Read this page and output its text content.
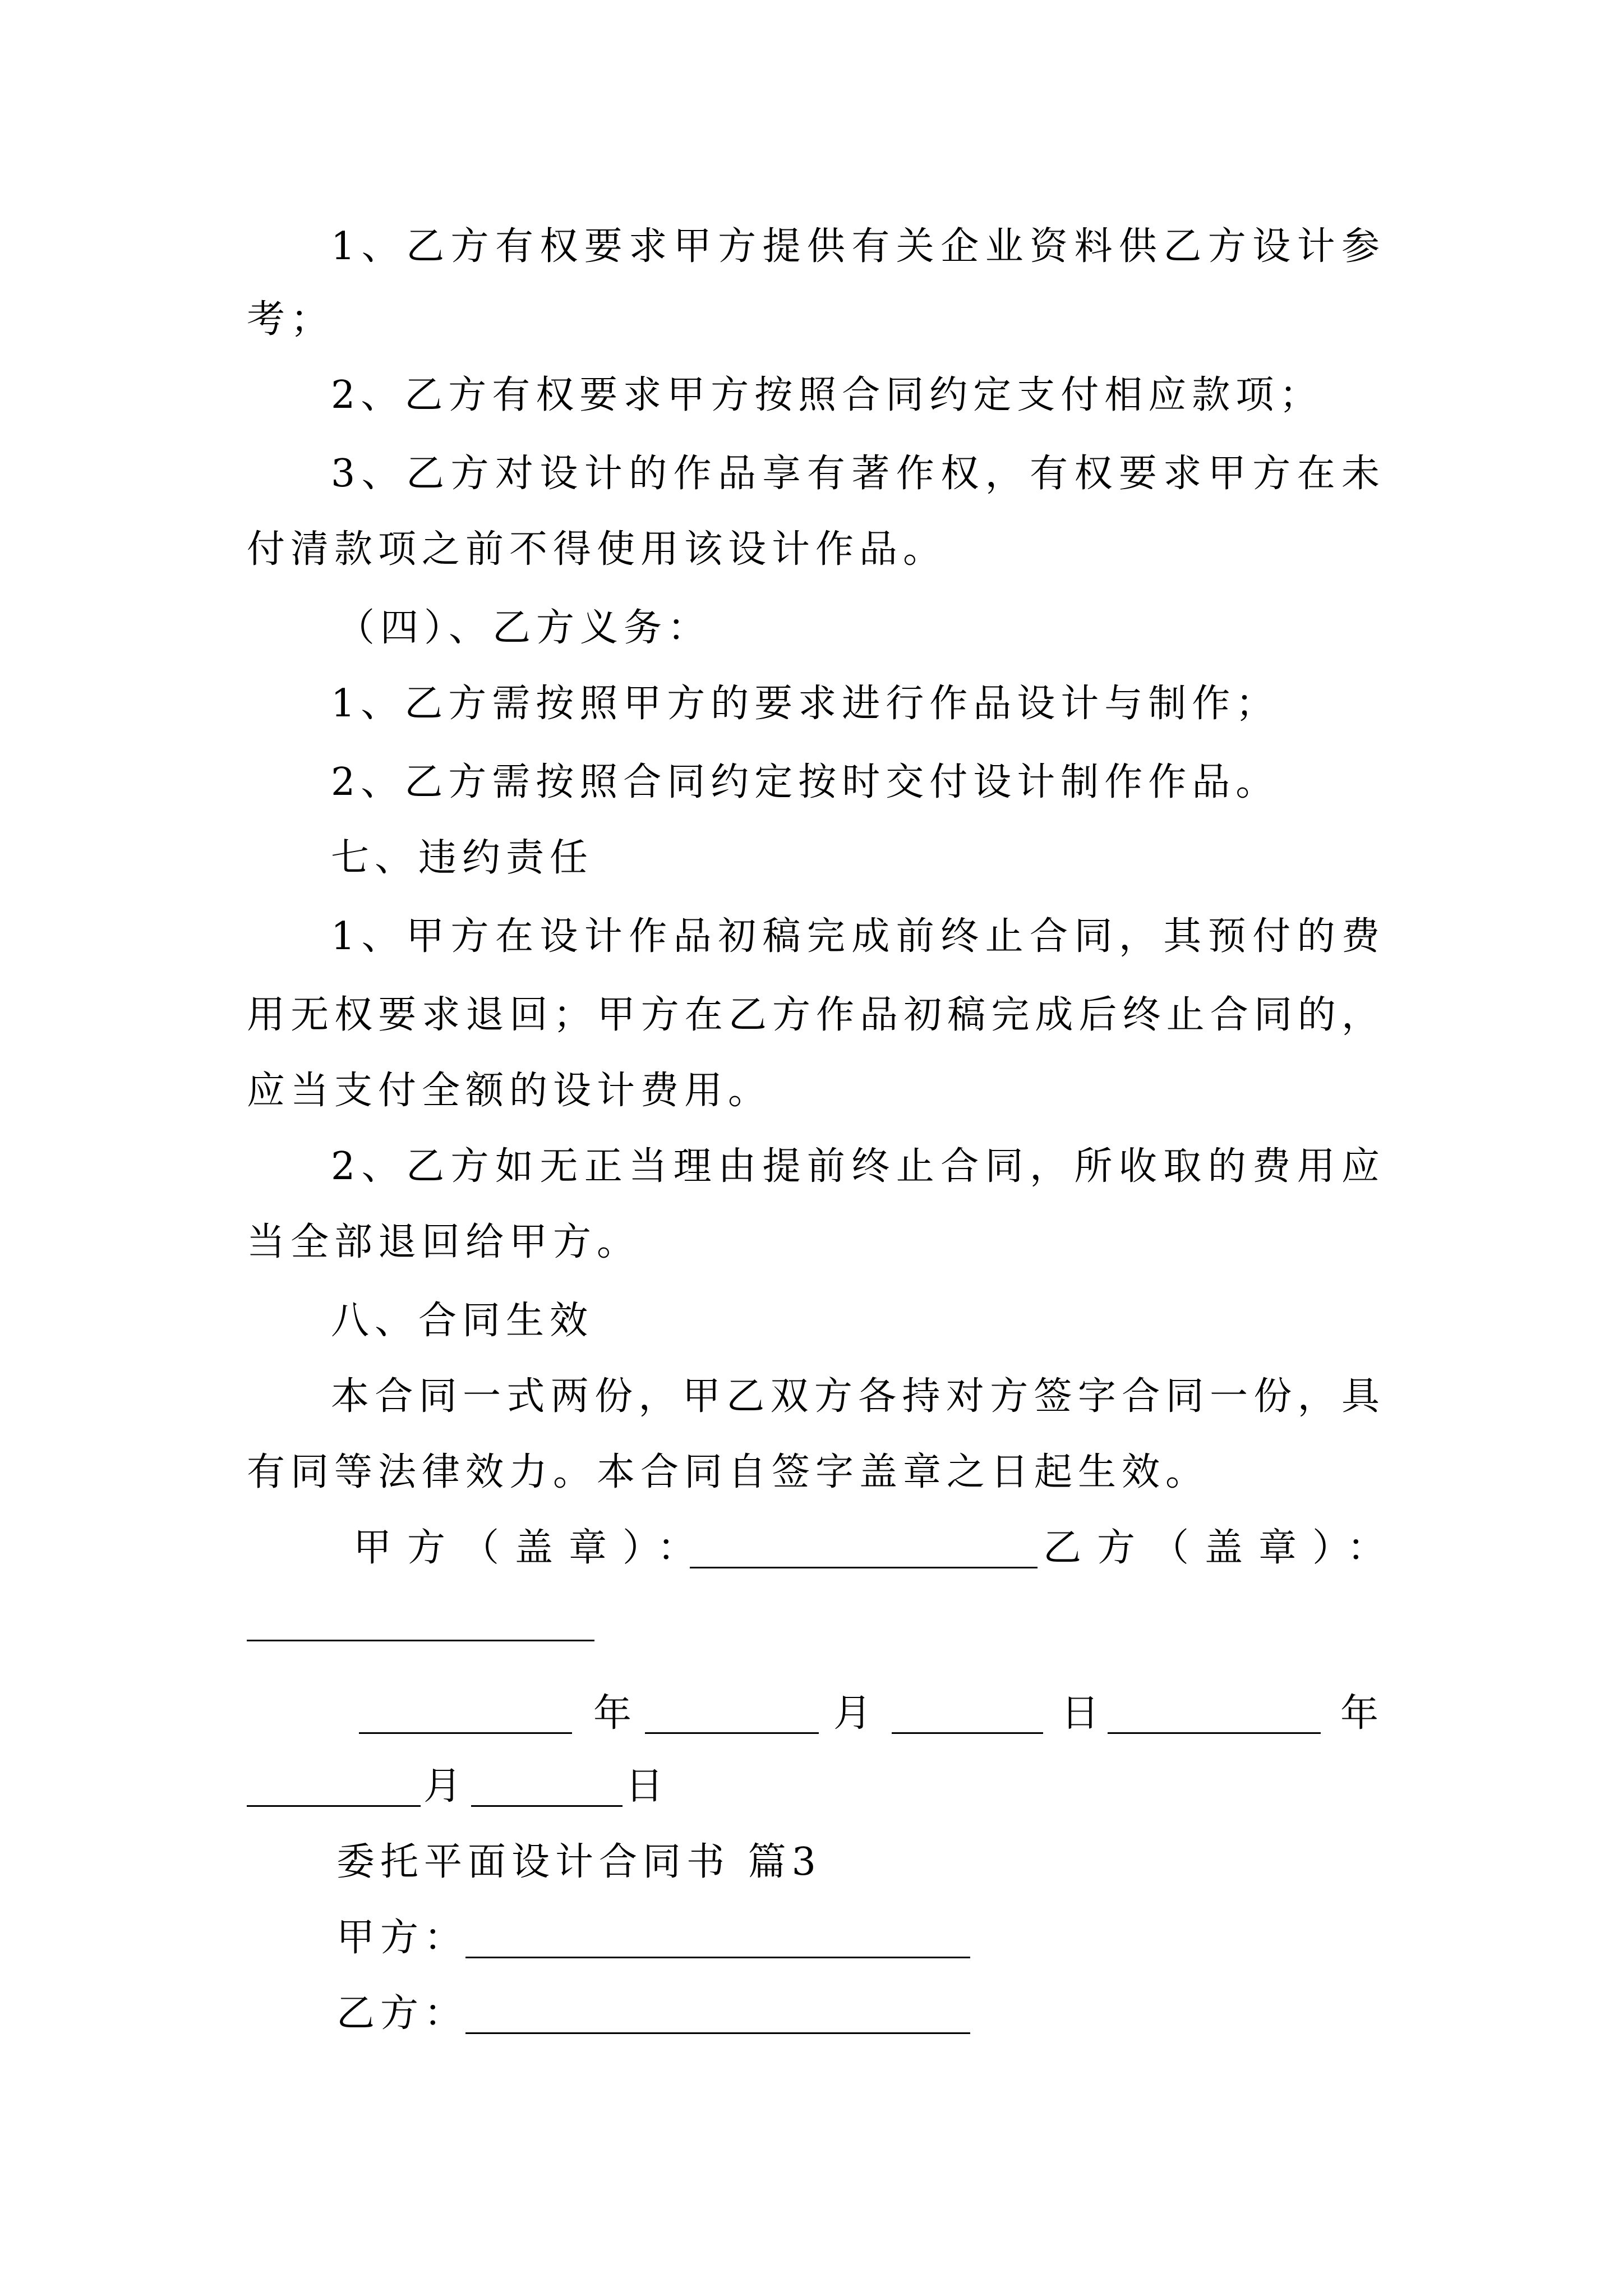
1、乙方有权要求甲方提供有关企业资料供乙方设计参
考；
2、乙方有权要求甲方按照合同约定支付相应款项；
3、乙方对设计的作品享有著作权，有权要求甲方在未
付清款项之前不得使用该设计作品。
（四）、乙方义务：
1、乙方需按照甲方的要求进行作品设计与制作；
2、乙方需按照合同约定按时交付设计制作作品。
七、违约责任
1、甲方在设计作品初稿完成前终止合同，其预付的费
用无权要求退回；甲方在乙方作品初稿完成后终止合同的，
应当支付全额的设计费用。
2、乙方如无正当理由提前终止合同，所收取的费用应
当全部退回给甲方。
八、合同生效
本合同一式两份，甲乙双方各持对方签字合同一份，具
有同等法律效力。本合同自签字盖章之日起生效。
甲方（盖章）：	乙方（盖章）：
年	月	日	年
月	日
委托平面设计合同书 篇3
甲方：
乙方：
